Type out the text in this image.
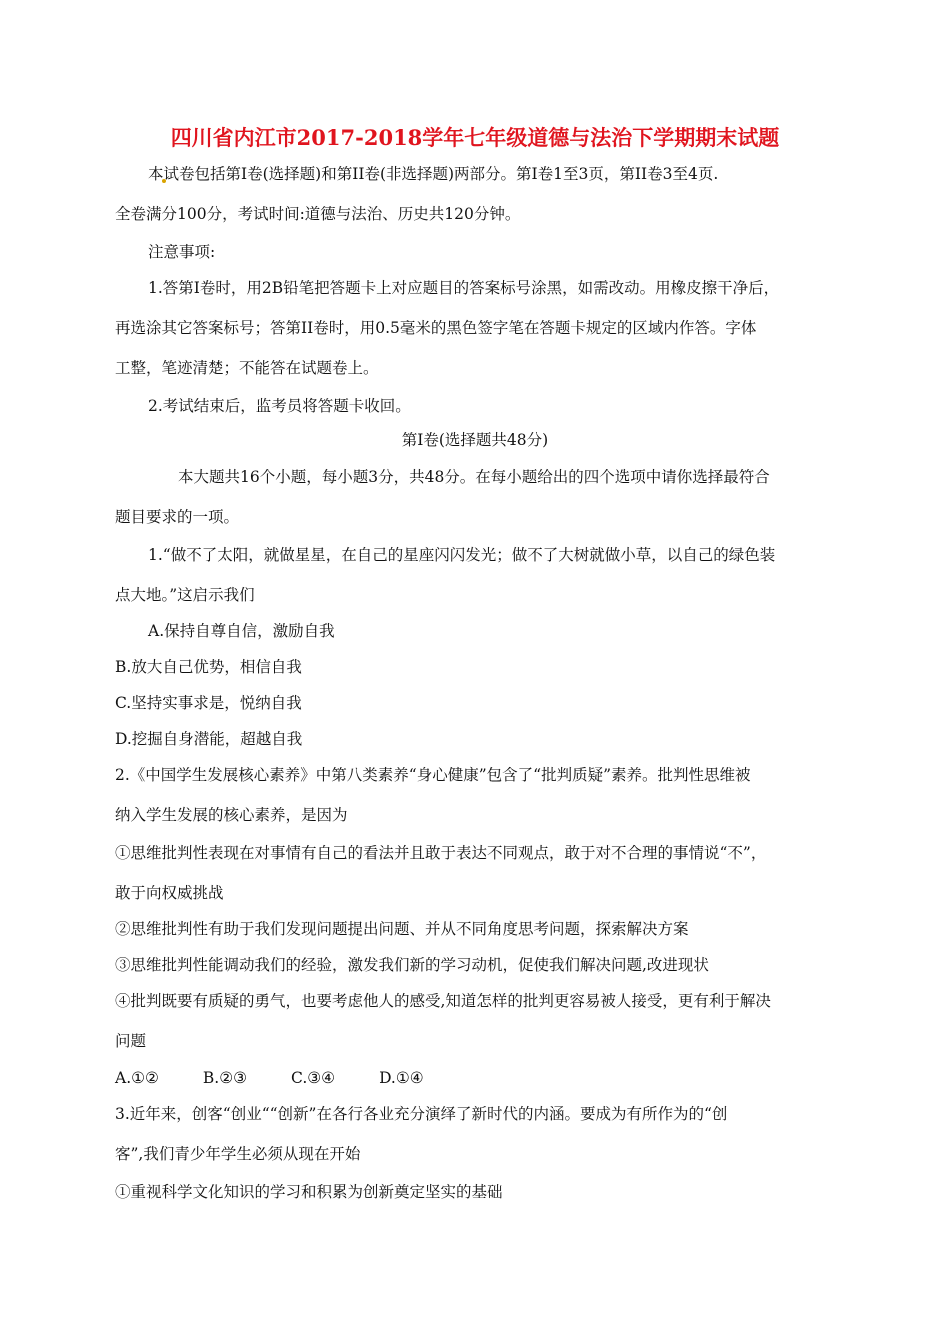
四川省内江市2017-2018学年七年级道德与法治下学期期末试题
本试卷包括第Ⅰ卷(选择题)和第II卷(非选择题)两部分。第Ⅰ卷1至3页，第II卷3至4页.
全卷满分100分，考试时间:道德与法治、历史共120分钟。
注意事项:
1.答第Ⅰ卷时，用2B铅笔把答题卡上对应题目的答案标号涂黑，如需改动。用橡皮擦干净后，
再选涂其它答案标号；答第II卷时，用0.5毫米的黑色签字笔在答题卡规定的区域内作答。字体
工整，笔迹清楚；不能答在试题卷上。
2.考试结束后，监考员将答题卡收回。
第Ⅰ卷(选择题共48分)
本大题共16个小题，每小题3分，共48分。在每小题给出的四个选项中请你选择最符合
题目要求的一项。
1.“做不了太阳，就做星星，在自己的星座闪闪发光；做不了大树就做小草，以自己的绿色装
点大地。”这启示我们
A.保持自尊自信，激励自我
B.放大自己优势，相信自我
C.坚持实事求是，悦纳自我
D.挖掘自身潜能，超越自我
2.《中国学生发展核心素养》中第八类素养“身心健康”包含了“批判质疑”素养。批判性思维被
纳入学生发展的核心素养，是因为
①思维批判性表现在对事情有自己的看法并且敢于表达不同观点，敢于对不合理的事情说“不”，
敢于向权威挑战
②思维批判性有助于我们发现问题提出问题、并从不同角度思考问题，探索解决方案
③思维批判性能调动我们的经验，激发我们新的学习动机，促使我们解决问题,改进现状
④批判既要有质疑的勇气，也要考虑他人的感受,知道怎样的批判更容易被人接受，更有利于解决
问题
A.①②	B.②③	C.③④	D.①④
3.近年来，创客“创业““创新”在各行各业充分演绎了新时代的内涵。要成为有所作为的“创
客”,我们青少年学生必须从现在开始
①重视科学文化知识的学习和积累为创新奠定坚实的基础
